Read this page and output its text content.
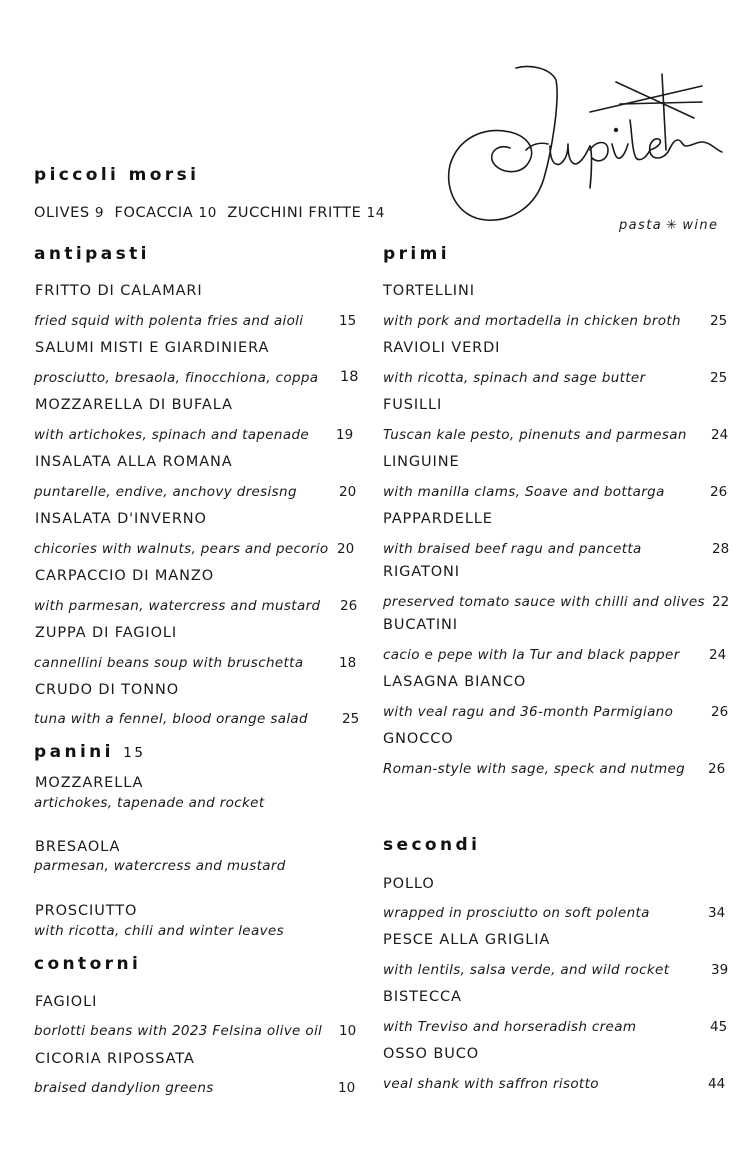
pasta ✳ wine
piccoli morsi
OLIVES 9 FOCACCIA 10 ZUCCHINI FRITTE 14
antipasti
FRITTO DI CALAMARI
fried squid with polenta fries and aioli	15
SALUMI MISTI E GIARDINIERA
prosciutto, bresaola, finocchiona, coppa 18
MOZZARELLA DI BUFALA
with artichokes, spinach and tapenade 19
INSALATA ALLA ROMANA
puntarelle, endive, anchovy dresisng	20
INSALATA D'INVERNO
chicories with walnuts, pears and pecorio 20
CARPACCIO DI MANZO
with parmesan, watercress and mustard 26
ZUPPA DI FAGIOLI
cannellini beans soup with bruschetta	18
CRUDO DI TONNO
tuna with a fennel, blood orange salad	25
panini 15
MOZZARELLA
artichokes, tapenade and rocket
BRESAOLA
parmesan, watercress and mustard
PROSCIUTTO
with ricotta, chili and winter leaves
contorni
FAGIOLI
borlotti beans with 2023 Felsina olive oil 10
CICORIA RIPOSSATA
braised dandylion greens	10
primi
TORTELLINI
with pork and mortadella in chicken broth 25
RAVIOLI VERDI
with ricotta, spinach and sage butter	25
FUSILLI
Tuscan kale pesto, pinenuts and parmesan 24
LINGUINE
with manilla clams, Soave and bottarga	26
PAPPARDELLE
with braised beef ragu and pancetta	28
RIGATONI
preserved tomato sauce with chilli and olives 22
BUCATINI
cacio e pepe with la Tur and black papper 24
LASAGNA BIANCO
with veal ragu and 36-month Parmigiano	26
GNOCCO
Roman-style with sage, speck and nutmeg 26
secondi
POLLO
wrapped in prosciutto on soft polenta	34
PESCE ALLA GRIGLIA
with lentils, salsa verde, and wild rocket	39
BISTECCA
with Treviso and horseradish cream	45
OSSO BUCO
veal shank with saffron risotto	44
